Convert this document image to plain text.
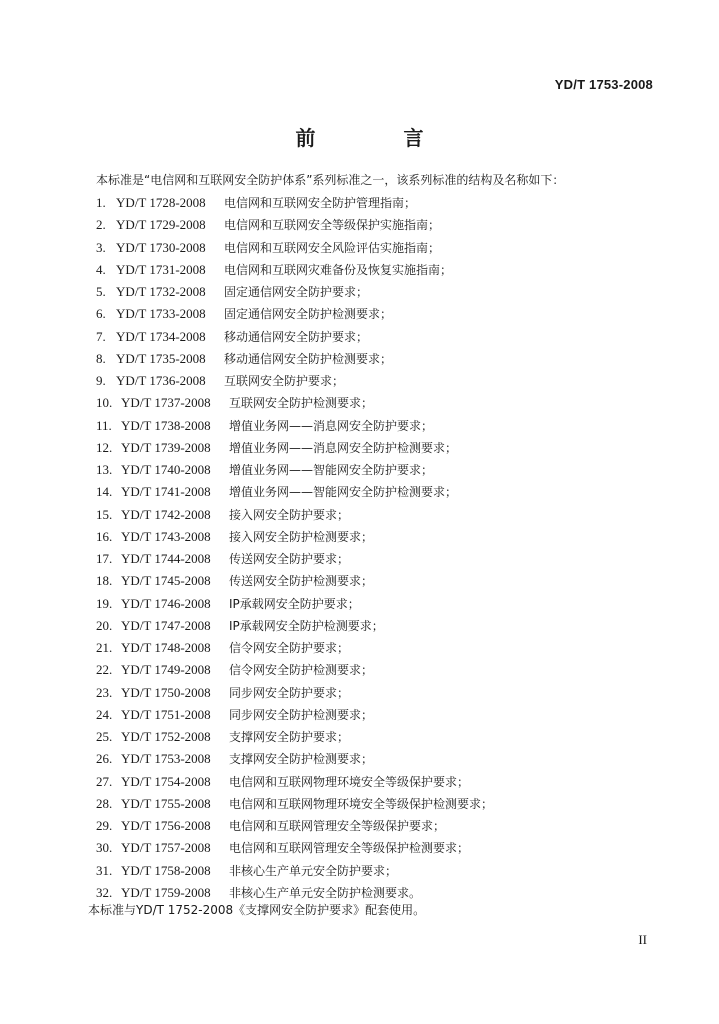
YD/T 1753-2008
前　言
本标准是“电信网和互联网安全防护体系”系列标准之一，该系列标准的结构及名称如下：
1. YD/T 1728-2008 电信网和互联网安全防护管理指南；
2. YD/T 1729-2008 电信网和互联网安全等级保护实施指南；
3. YD/T 1730-2008 电信网和互联网安全风险评估实施指南；
4. YD/T 1731-2008 电信网和互联网灾难备份及恢复实施指南；
5. YD/T 1732-2008 固定通信网安全防护要求；
6. YD/T 1733-2008 固定通信网安全防护检测要求；
7. YD/T 1734-2008 移动通信网安全防护要求；
8. YD/T 1735-2008 移动通信网安全防护检测要求；
9. YD/T 1736-2008 互联网安全防护要求；
10. YD/T 1737-2008 互联网安全防护检测要求；
11. YD/T 1738-2008 增值业务网——消息网安全防护要求；
12. YD/T 1739-2008 增值业务网——消息网安全防护检测要求；
13. YD/T 1740-2008 增值业务网——智能网安全防护要求；
14. YD/T 1741-2008 增值业务网——智能网安全防护检测要求；
15. YD/T 1742-2008 接入网安全防护要求；
16. YD/T 1743-2008 接入网安全防护检测要求；
17. YD/T 1744-2008 传送网安全防护要求；
18. YD/T 1745-2008 传送网安全防护检测要求；
19. YD/T 1746-2008 IP承载网安全防护要求；
20. YD/T 1747-2008 IP承载网安全防护检测要求；
21. YD/T 1748-2008 信令网安全防护要求；
22. YD/T 1749-2008 信令网安全防护检测要求；
23. YD/T 1750-2008 同步网安全防护要求；
24. YD/T 1751-2008 同步网安全防护检测要求；
25. YD/T 1752-2008 支撑网安全防护要求；
26. YD/T 1753-2008 支撑网安全防护检测要求；
27. YD/T 1754-2008 电信网和互联网物理环境安全等级保护要求；
28. YD/T 1755-2008 电信网和互联网物理环境安全等级保护检测要求；
29. YD/T 1756-2008 电信网和互联网管理安全等级保护要求；
30. YD/T 1757-2008 电信网和互联网管理安全等级保护检测要求；
31. YD/T 1758-2008 非核心生产单元安全防护要求；
32. YD/T 1759-2008 非核心生产单元安全防护检测要求。
本标准与YD/T 1752-2008《支撑网安全防护要求》配套使用。
II
